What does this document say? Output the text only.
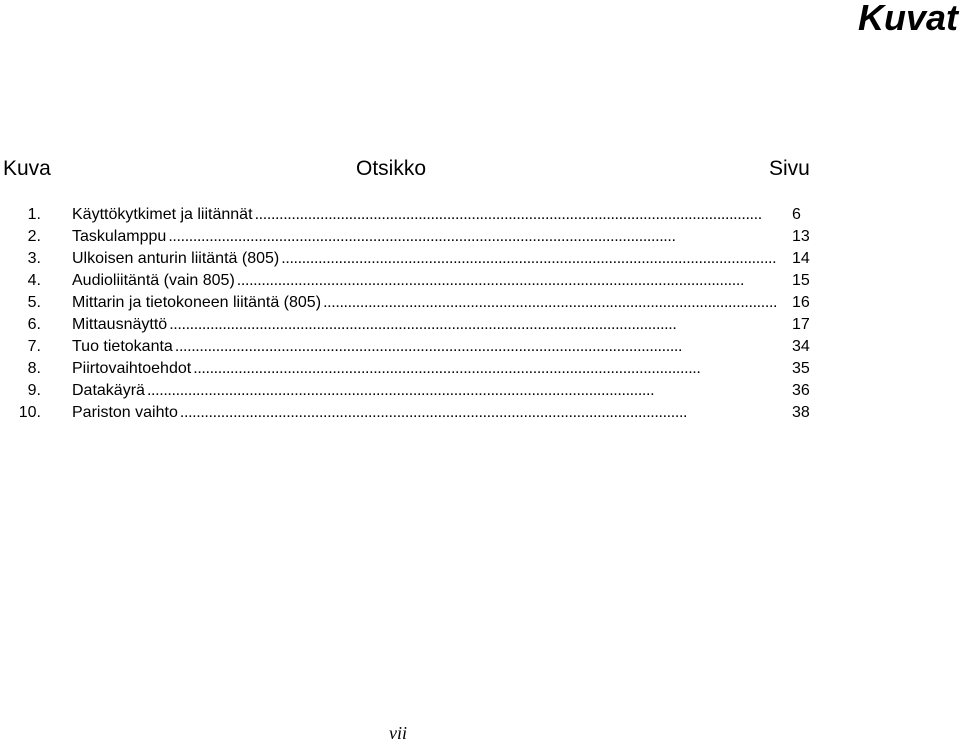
Kuvat
Kuva	Otsikko	Sivu
1. Käyttökytkimet ja liitännät . . .	6
2. Taskulamppu . . .	13
3. Ulkoisen anturin liitäntä (805) . . .	14
4. Audioliitäntä (vain 805) . . .	15
5. Mittarin ja tietokoneen liitäntä (805) . . .	16
6. Mittausnäyttö . . .	17
7. Tuo tietokanta . . .	34
8. Piirtovaihtoehdot . . .	35
9. Datakäyrä . . .	36
10. Pariston vaihto . . .	38
vii
